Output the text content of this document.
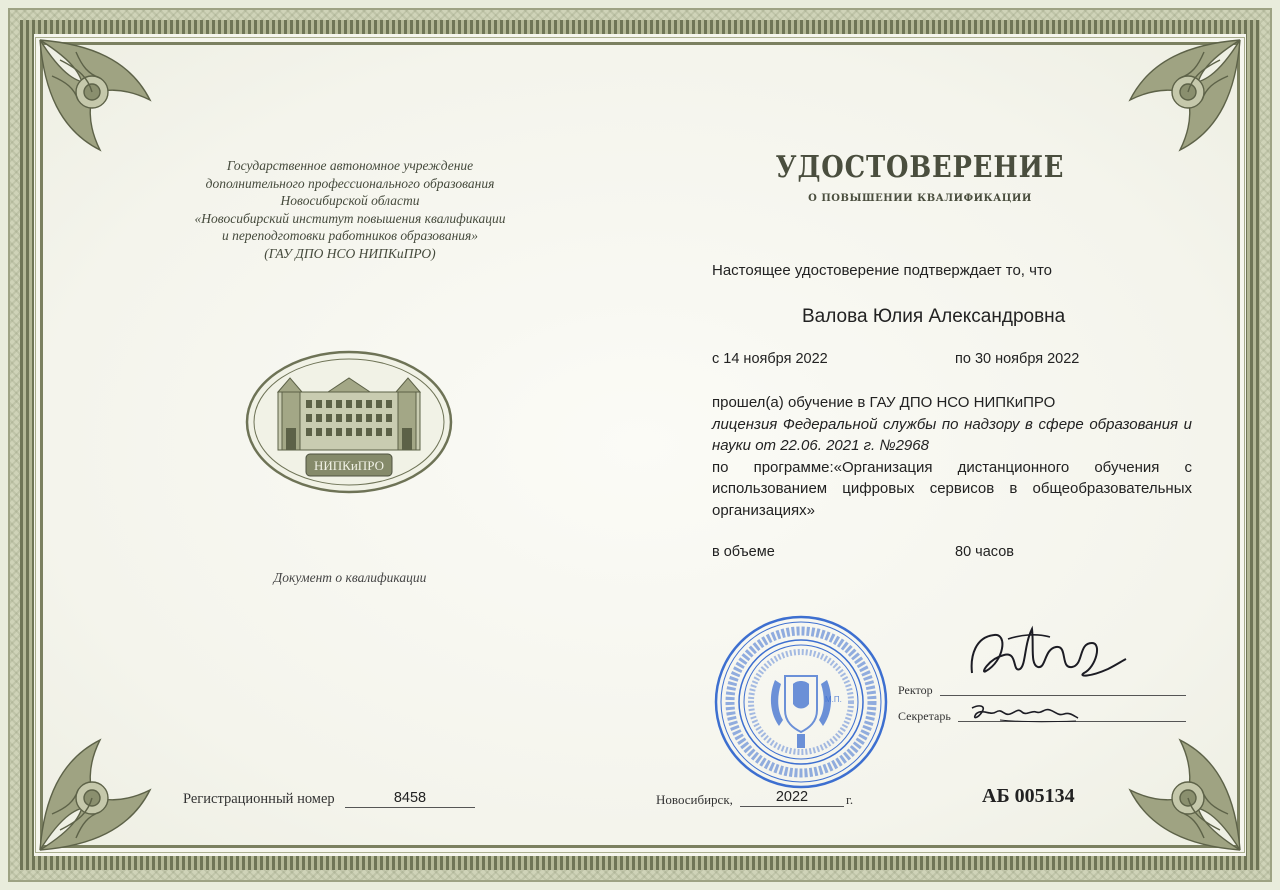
Государственное автономное учреждение
дополнительного профессионального образования
Новосибирской области
«Новосибирский институт повышения квалификации
и переподготовки работников образования»
(ГАУ ДПО НСО НИПКиПРО)
НИПКиПРО
Документ о квалификации
УДОСТОВЕРЕНИЕ
О ПОВЫШЕНИИ КВАЛИФИКАЦИИ
Настоящее удостоверение подтверждает то, что
Валова Юлия Александровна
с 14 ноября 2022	по 30 ноября 2022
прошел(а) обучение в ГАУ ДПО НСО НИПКиПРО
лицензия Федеральной службы по надзору в сфере образования и науки от 22.06. 2021 г. №2968
по программе:«Организация дистанционного обучения с использованием цифровых сервисов в общеобразовательных организациях»
в объеме	80 часов
М.П.
Ректор
Секретарь
Регистрационный номер	8458	Новосибирск,	2022	г.	АБ 005134
